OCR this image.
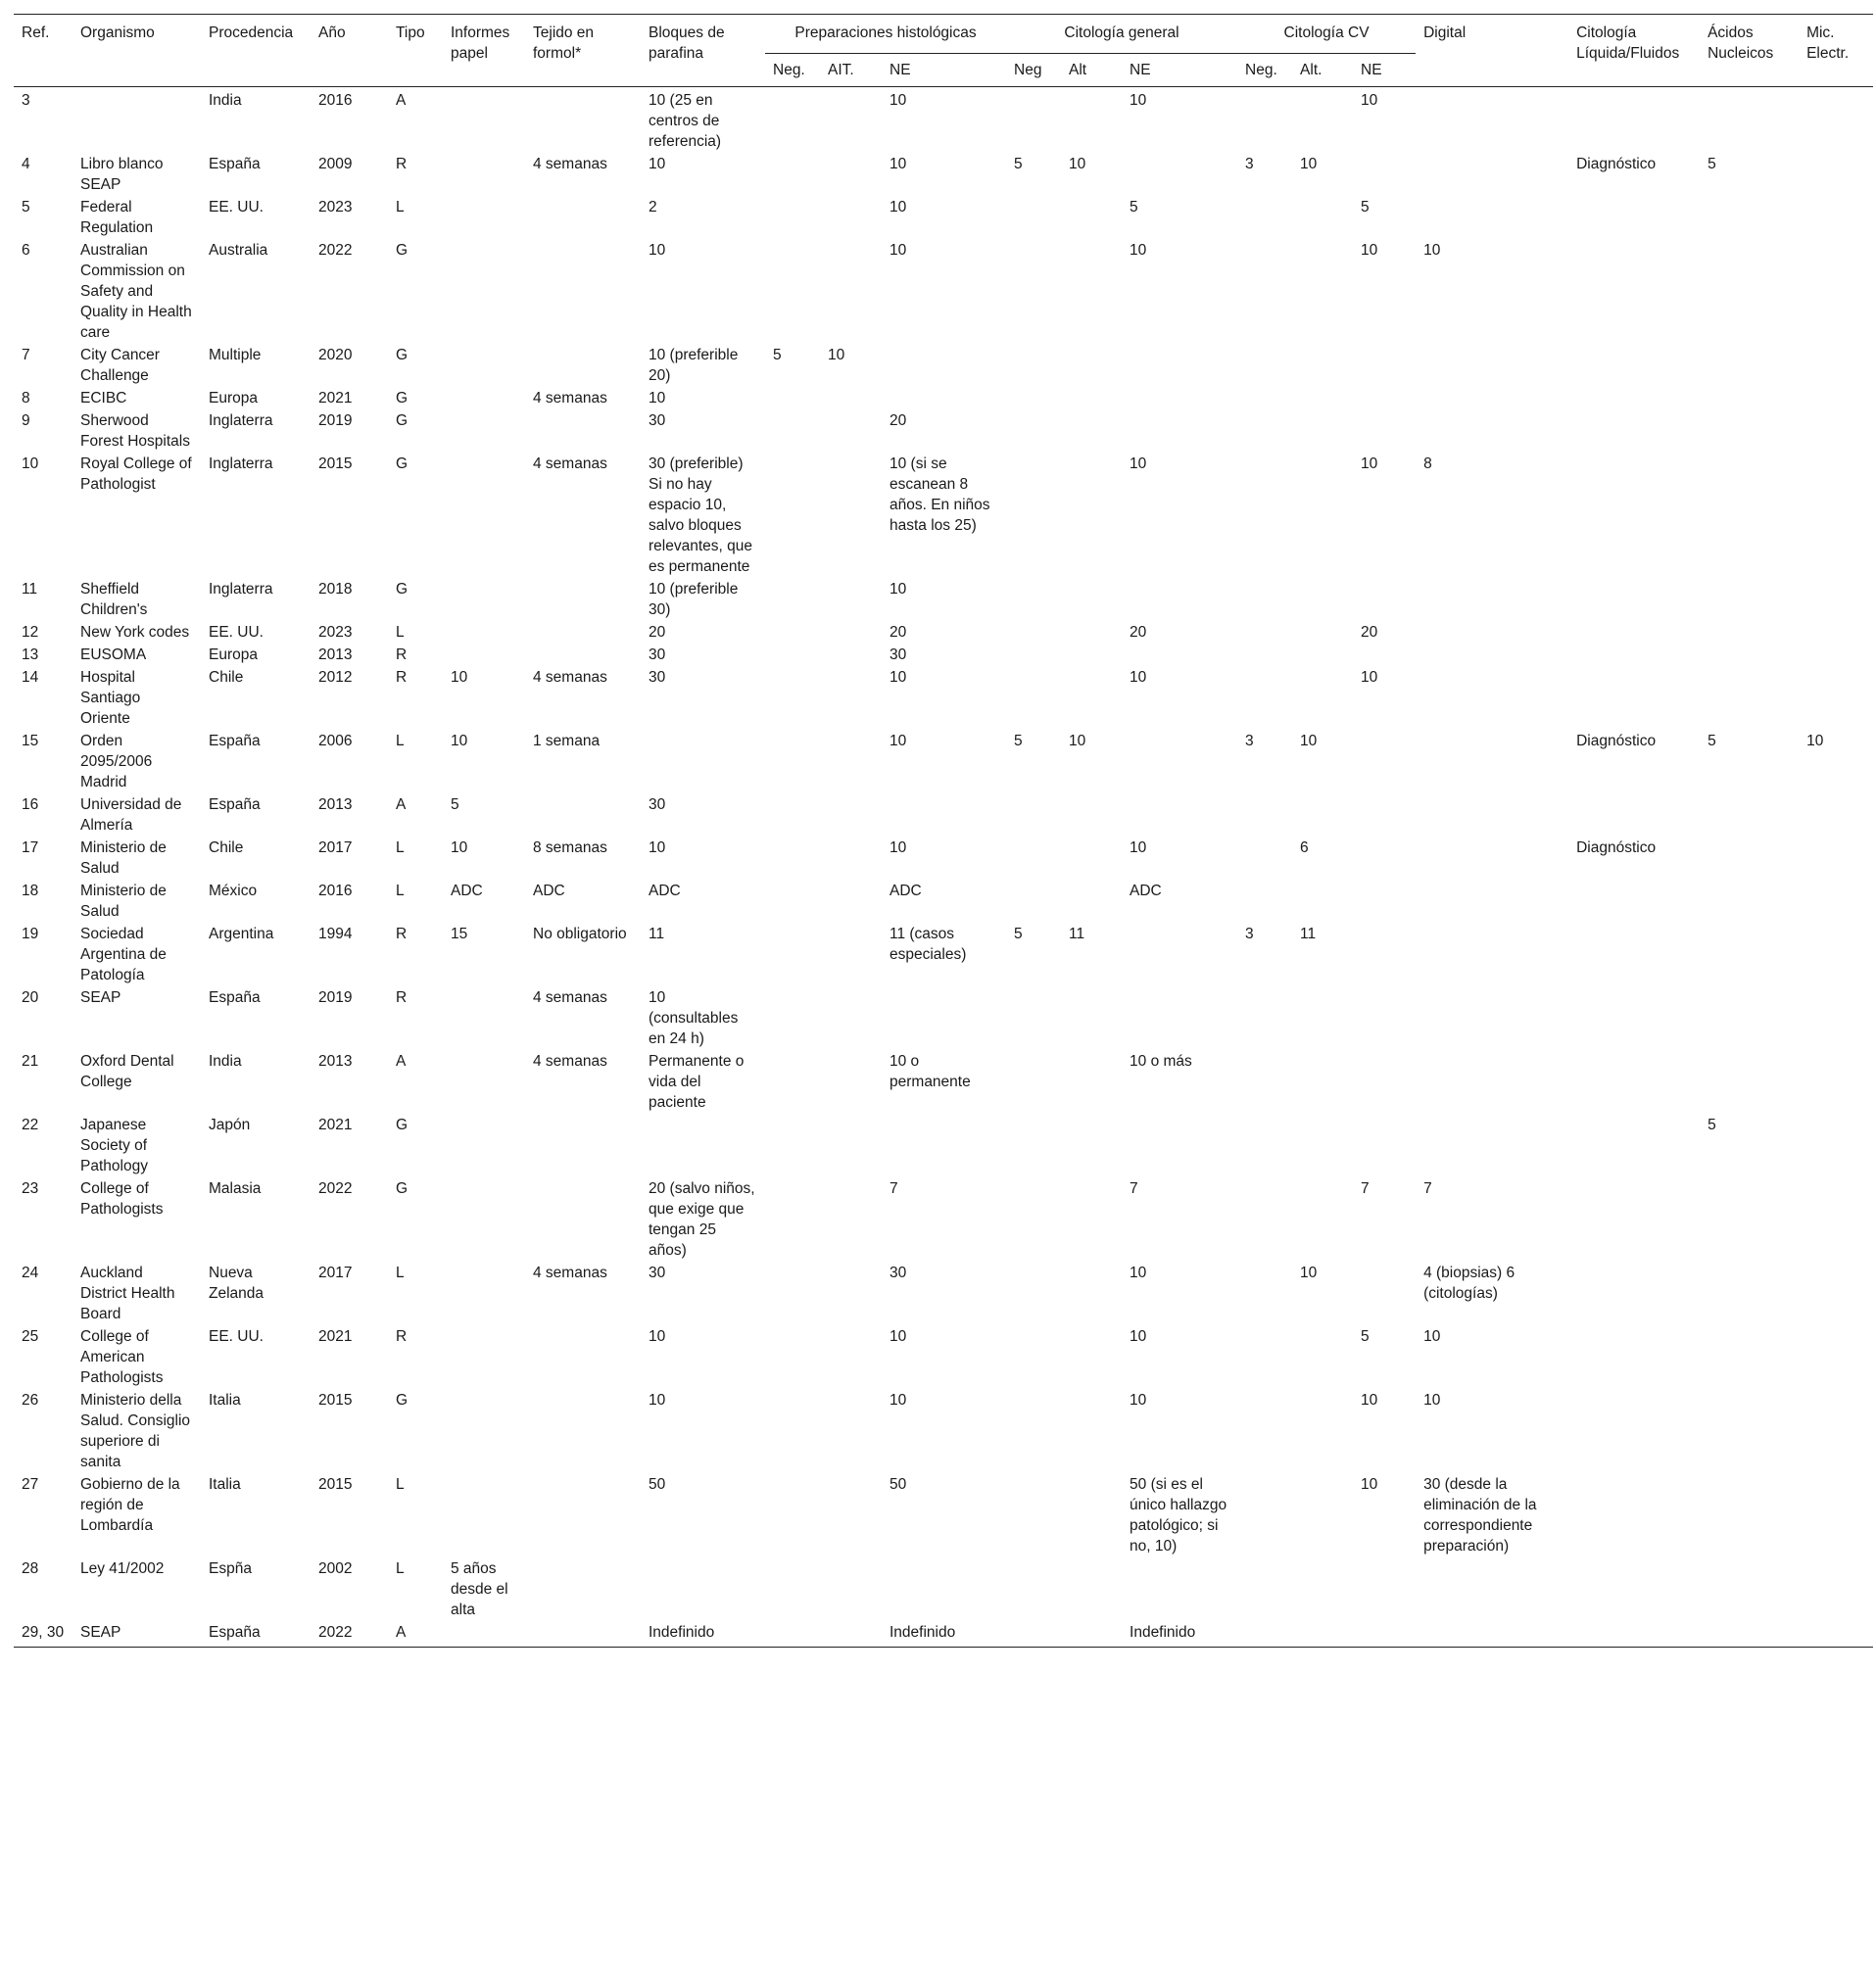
Ref.	Organismo	Procedencia	Año	Tipo	Informes papel	Tejido en formol*	Bloques de parafina	Preparaciones histológicas			Citología general			Citología CV			Digital	Citología Líquida/Fluidos	Ácidos Nucleicos	Mic. Electr.
								Neg.	AIT.	NE	Neg	Alt	NE	Neg.	Alt.	NE				
3		India	2016	A			10 (25 en centros de referencia)			10			10			10				
4	Libro blanco SEAP	España	2009	R		4 semanas	10			10	5	10		3	10			Diagnóstico	5	
5	Federal Regulation	EE. UU.	2023	L			2			10			5			5				
6	Australian Commission on Safety and Quality in Health care	Australia	2022	G			10			10			10			10	10			
7	City Cancer Challenge	Multiple	2020	G			10 (preferible 20)	5	10											
8	ECIBC	Europa	2021	G		4 semanas	10													
9	Sherwood Forest Hospitals	Inglaterra	2019	G			30			20										
10	Royal College of Pathologist	Inglaterra	2015	G		4 semanas	30 (preferible) Si no hay espacio 10, salvo bloques relevantes, que es permanente			10 (si se escanean 8 años. En niños hasta los 25)			10			10	8			
11	Sheffield Children's	Inglaterra	2018	G			10 (preferible 30)			10										
12	New York codes	EE. UU.	2023	L			20			20			20			20				
13	EUSOMA	Europa	2013	R			30			30										
14	Hospital Santiago Oriente	Chile	2012	R	10	4 semanas	30			10			10			10				
15	Orden 2095/2006 Madrid	España	2006	L	10	1 semana				10	5	10		3	10			Diagnóstico	5	10
16	Universidad de Almería	España	2013	A	5		30													
17	Ministerio de Salud	Chile	2017	L	10	8 semanas	10			10			10		6			Diagnóstico		
18	Ministerio de Salud	México	2016	L	ADC	ADC	ADC			ADC			ADC							
19	Sociedad Argentina de Patología	Argentina	1994	R	15	No obligatorio	11			11 (casos especiales)	5	11		3	11					
20	SEAP	España	2019	R		4 semanas	10 (consultables en 24 h)													
21	Oxford Dental College	India	2013	A		4 semanas	Permanente o vida del paciente			10 o permanente			10 o más							
22	Japanese Society of Pathology	Japón	2021	G															5	
23	College of Pathologists	Malasia	2022	G			20 (salvo niños, que exige que tengan 25 años)			7			7			7	7			
24	Auckland District Health Board	Nueva Zelanda	2017	L		4 semanas	30			30			10		10		4 (biopsias) 6 (citologías)			
25	College of American Pathologists	EE. UU.	2021	R			10			10			10			5	10			
26	Ministerio della Salud. Consiglio superiore di sanita	Italia	2015	G			10			10			10			10	10			
27	Gobierno de la región de Lombardía	Italia	2015	L			50			50			50 (si es el único hallazgo patológico; si no, 10)			10	30 (desde la eliminación de la correspondiente preparación)			
28	Ley 41/2002	Espña	2002	L	5 años desde el alta															
29, 30	SEAP	España	2022	A			Indefinido			Indefinido			Indefinido							
